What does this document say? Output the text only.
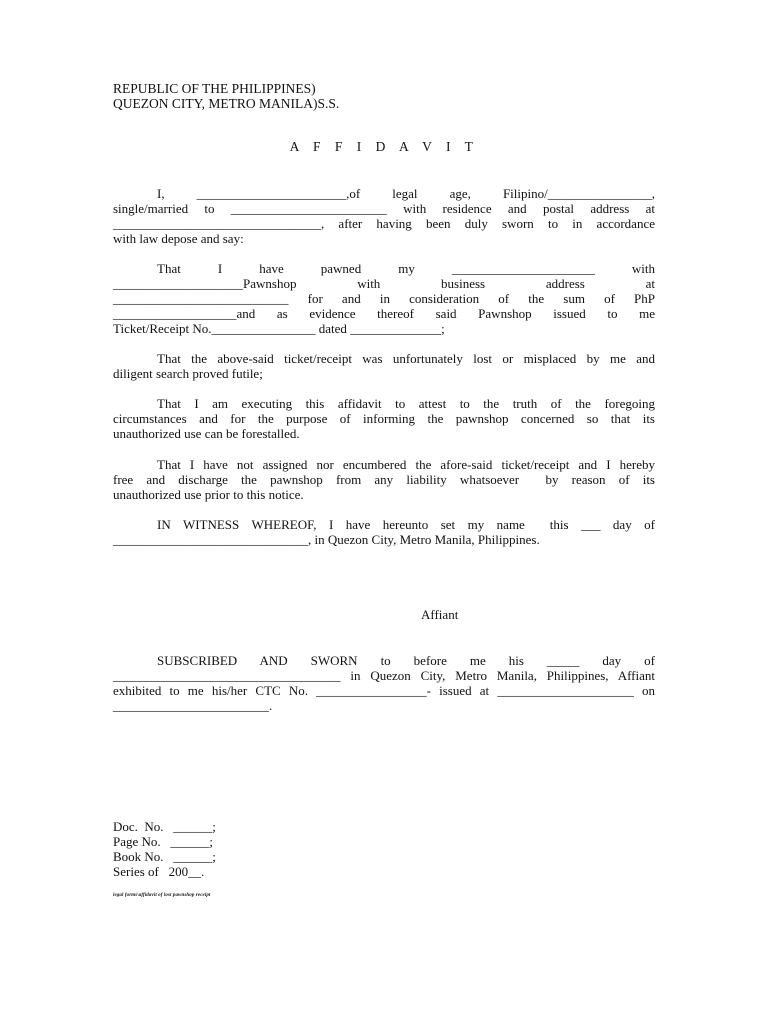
REPUBLIC OF THE PHILIPPINES)
QUEZON CITY, METRO MANILA)S.S.
A F F I D A V I T
I,  _______________________,of  legal  age,  Filipino/________________,
single/married  to  ________________________  with  residence  and  postal  address  at
________________________________, after having been duly sworn to in accordance
with law depose and say:
That    I    have    pawned    my    ______________________    with
____________________Pawnshop    with    business    address    at
___________________________  for  and  in  consideration  of  the  sum  of  PhP
___________________and  as  evidence  thereof  said  Pawnshop  issued  to  me
Ticket/Receipt No.________________ dated ______________;
That the above-said ticket/receipt was unfortunately lost or misplaced by me and
diligent search proved futile;
That I am executing this affidavit to attest to the truth of the foregoing
circumstances and for the purpose of informing the pawnshop concerned so that its
unauthorized use can be forestalled.
That I have not assigned nor encumbered the afore-said ticket/receipt and I hereby
free and discharge the pawnshop from any liability whatsoever  by reason of its
unauthorized use prior to this notice.
IN WITNESS WHEREOF, I have hereunto set my name  this ___ day of
______________________________, in Quezon City, Metro Manila, Philippines.
Affiant
SUBSCRIBED    AND    SWORN    to    before    me    his    _____    day    of
___________________________________ in Quezon City, Metro Manila, Philippines, Affiant
exhibited to me his/her CTC No. _________________- issued at _____________________ on
________________________.
Doc.  No.   ______;
Page No.   ______;
Book No.   ______;
Series of   200__.
legal forms\affidavit of lost pawnshop receipt
